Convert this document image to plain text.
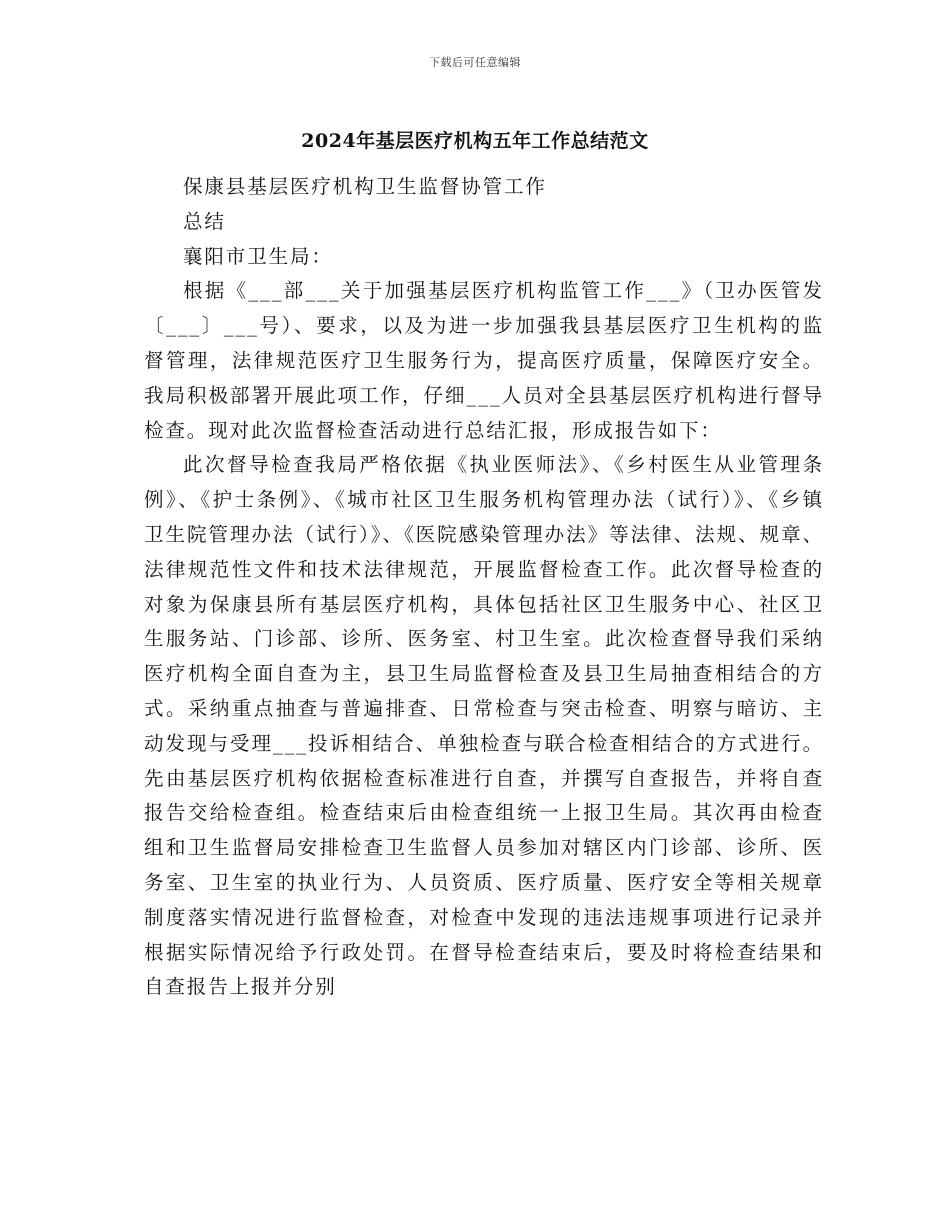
下载后可任意编辑
2024年基层医疗机构五年工作总结范文

保康县基层医疗机构卫生监督协管工作

总结

襄阳市卫生局：

根据《___部___关于加强基层医疗机构监管工作___》（卫办医管发〔___〕___号）、要求，以及为进一步加强我县基层医疗卫生机构的监督管理，法律规范医疗卫生服务行为，提高医疗质量，保障医疗安全。我局积极部署开展此项工作，仔细___人员对全县基层医疗机构进行督导检查。现对此次监督检查活动进行总结汇报，形成报告如下：

此次督导检查我局严格依据《执业医师法》、《乡村医生从业管理条例》、《护士条例》、《城市社区卫生服务机构管理办法（试行）》、《乡镇卫生院管理办法（试行）》、《医院感染管理办法》等法律、法规、规章、法律规范性文件和技术法律规范，开展监督检查工作。此次督导检查的对象为保康县所有基层医疗机构，具体包括社区卫生服务中心、社区卫生服务站、门诊部、诊所、医务室、村卫生室。此次检查督导我们采纳医疗机构全面自查为主，县卫生局监督检查及县卫生局抽查相结合的方式。采纳重点抽查与普遍排查、日常检查与突击检查、明察与暗访、主动发现与受理___投诉相结合、单独检查与联合检查相结合的方式进行。先由基层医疗机构依据检查标准进行自查，并撰写自查报告，并将自查报告交给检查组。检查结束后由检查组统一上报卫生局。其次再由检查组和卫生监督局安排检查卫生监督人员参加对辖区内门诊部、诊所、医务室、卫生室的执业行为、人员资质、医疗质量、医疗安全等相关规章制度落实情况进行监督检查，对检查中发现的违法违规事项进行记录并根据实际情况给予行政处罚。在督导检查结束后，要及时将检查结果和自查报告上报并分别
